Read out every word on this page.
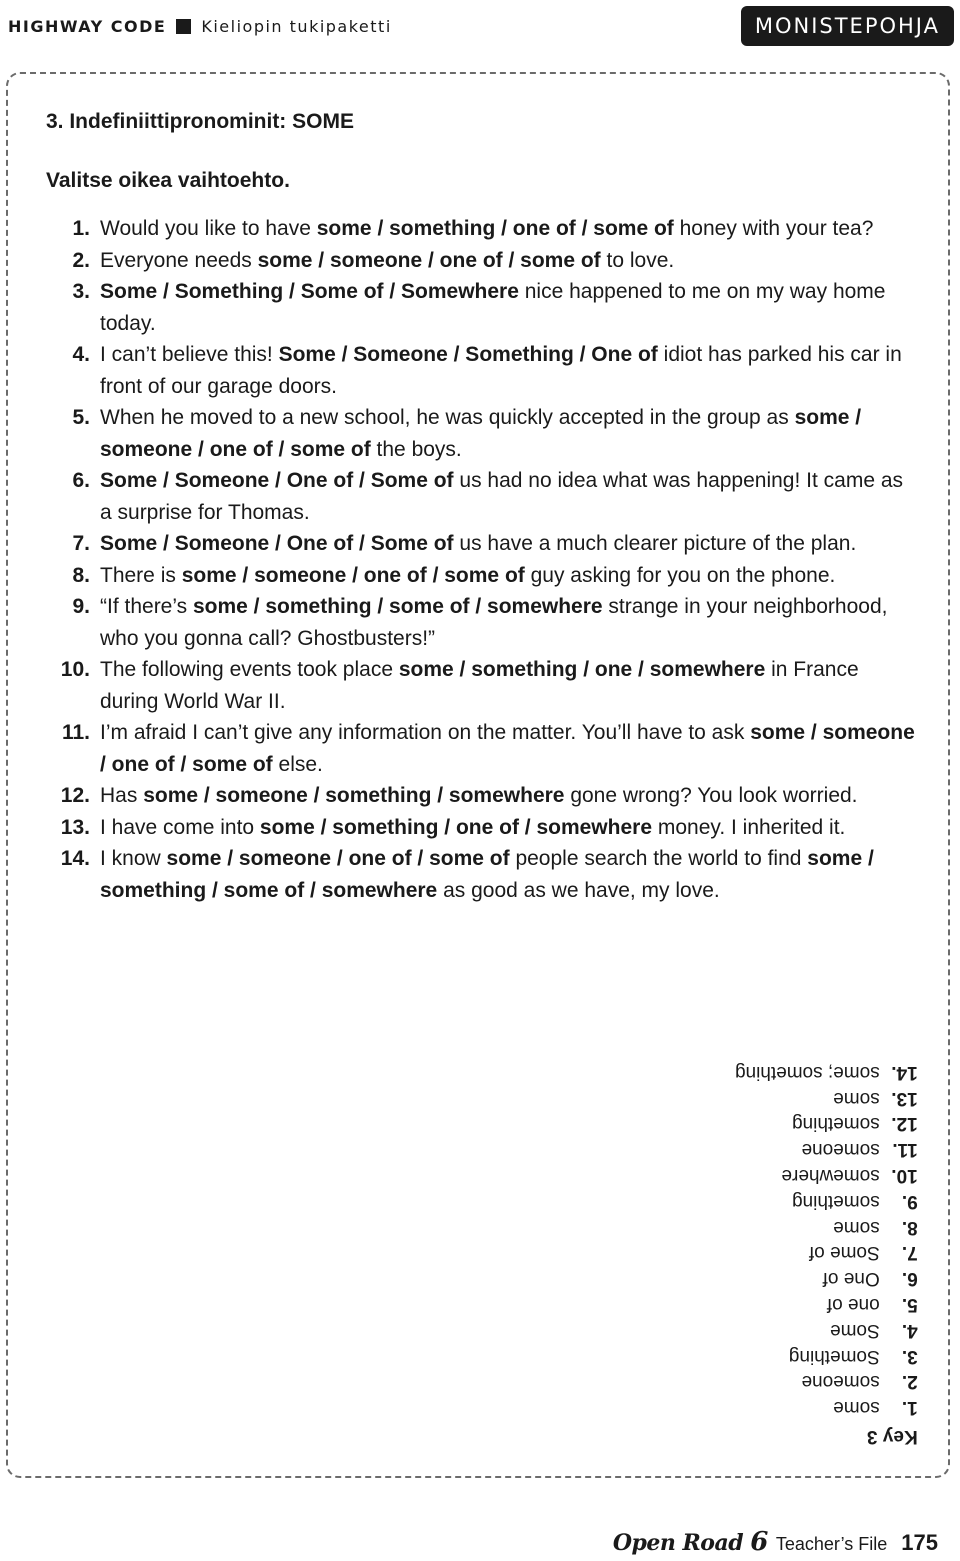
HIGHWAY CODE Kieliopin tukipaketti	MONISTEPOHJA
3. Indefiniittipronominit: SOME
Valitse oikea vaihtoehto.
1. Would you like to have some / something / one of / some of honey with your tea?
2. Everyone needs some / someone / one of / some of to love.
3. Some / Something / Some of / Somewhere nice happened to me on my way home today.
4. I can’t believe this! Some / Someone / Something / One of idiot has parked his car in front of our garage doors.
5. When he moved to a new school, he was quickly accepted in the group as some / someone / one of / some of the boys.
6. Some / Someone / One of / Some of us had no idea what was happening! It came as a surprise for Thomas.
7. Some / Someone / One of / Some of us have a much clearer picture of the plan.
8. There is some / someone / one of / some of guy asking for you on the phone.
9. “If there’s some / something / some of / somewhere strange in your neighborhood, who you gonna call? Ghostbusters!”
10. The following events took place some / something / one / somewhere in France during World War II.
11. I’m afraid I can’t give any information on the matter. You’ll have to ask some / someone / one of / some of else.
12. Has some / someone / something / somewhere gone wrong? You look worried.
13. I have come into some / something / one of / somewhere money. I inherited it.
14. I know some / someone / one of / some of people search the world to find some / something / some of / somewhere as good as we have, my love.
Key 3
1.
some
2.
someone
3.
Something
4.
Some
5.
one of
6.
One of
7.
Some of
8.
some
9.
something
10.
somewhere
11.
someone
12.
something
13.
some
14.
some; something
Open Road 6 Teacher’s File 175
